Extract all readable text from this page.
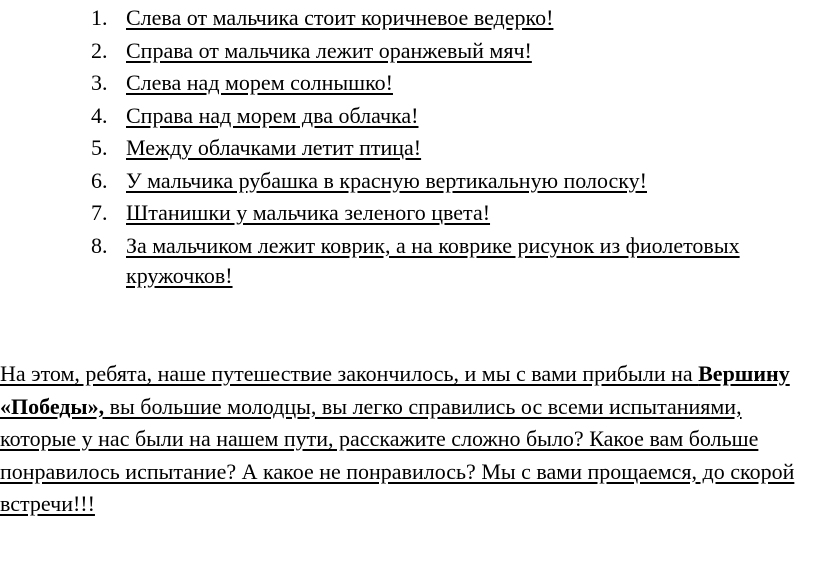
1. Слева от мальчика стоит коричневое ведерко!
2. Справа от мальчика лежит оранжевый мяч!
3. Слева над морем солнышко!
4. Справа над морем два облачка!
5. Между облачками летит птица!
6. У мальчика рубашка в красную вертикальную полоску!
7. Штанишки у мальчика зеленого цвета!
8. За мальчиком лежит коврик, а на коврике рисунок из фиолетовых кружочков!

На этом, ребята, наше путешествие закончилось, и мы с вами прибыли на Вершину «Победы», вы большие молодцы, вы легко справились ос всеми испытаниями, которые у нас были на нашем пути, расскажите сложно было? Какое вам больше понравилось испытание? А какое не понравилось? Мы с вами прощаемся, до скорой встречи!!!
